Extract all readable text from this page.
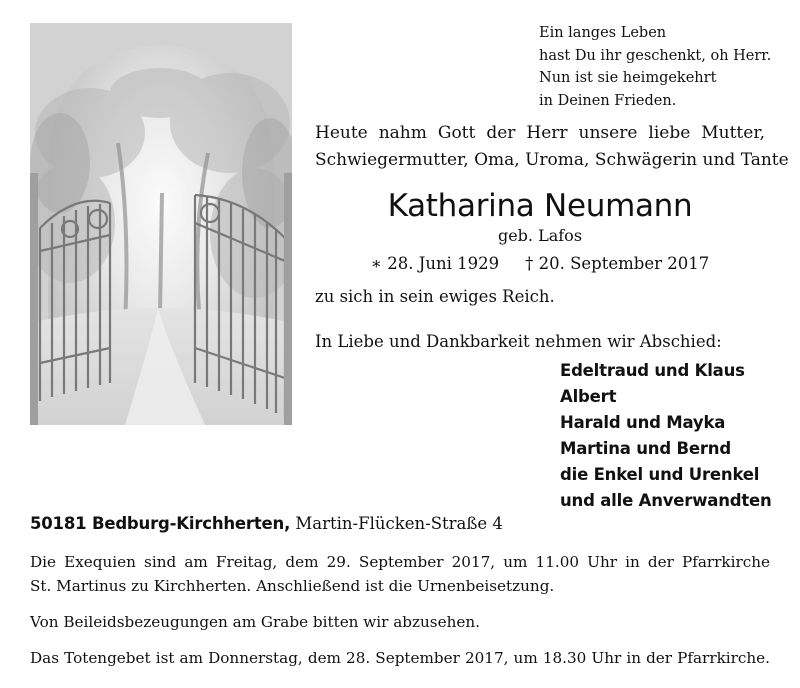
Ein langes Leben
hast Du ihr geschenkt, oh Herr.
Nun ist sie heimgekehrt
in Deinen Frieden.
Heute nahm Gott der Herr unsere liebe Mutter,
Schwiegermutter, Oma, Uroma, Schwägerin und Tante
Katharina Neumann
geb. Lafos
∗ 28. Juni 1929 † 20. September 2017
zu sich in sein ewiges Reich.
In Liebe und Dankbarkeit nehmen wir Abschied:
Edeltraud und Klaus
Albert
Harald und Mayka
Martina und Bernd
die Enkel und Urenkel
und alle Anverwandten
50181 Bedburg-Kirchherten, Martin-Flücken-Straße 4
Die Exequien sind am Freitag, dem 29. September 2017, um 11.00 Uhr in der Pfarrkirche
St. Martinus zu Kirchherten. Anschließend ist die Urnenbeisetzung.
Von Beileidsbezeugungen am Grabe bitten wir abzusehen.
Das Totengebet ist am Donnerstag, dem 28. September 2017, um 18.30 Uhr in der Pfarrkirche.
